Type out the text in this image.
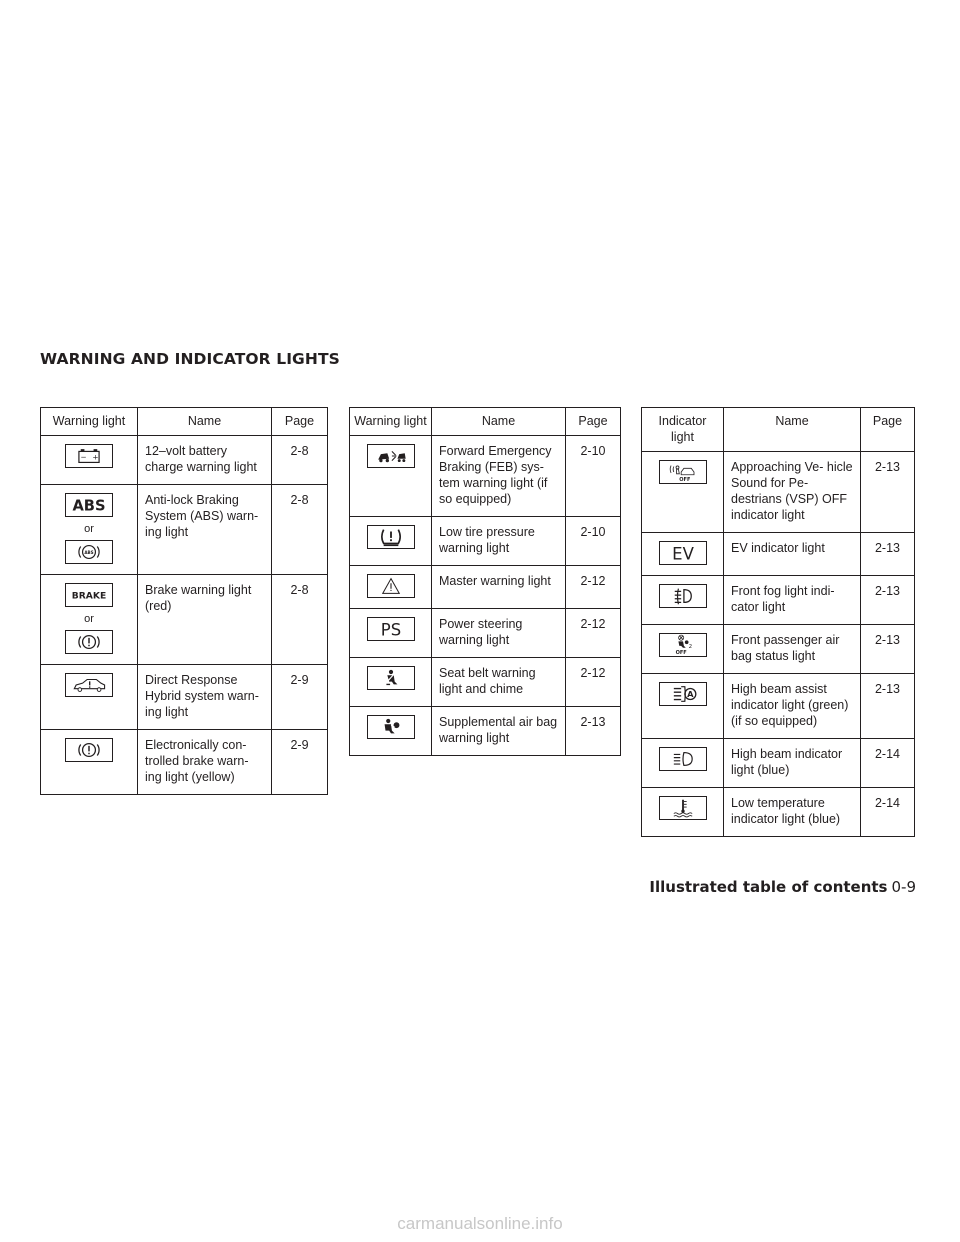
WARNING AND INDICATOR LIGHTS
Warning light	Name	Page

− +	12–volt battery charge warning light	2-8

ABS
or
ABS	Anti-lock Braking System (ABS) warn- ing light	2-8

BRAKE
or	Brake warning light (red)	2-8

	Direct Response Hybrid system warn- ing light	2-9

	Electronically con- trolled brake warn- ing light (yellow)	2-9
Warning light	Name	Page

	Forward Emergency Braking (FEB) sys- tem warning light (if so equipped)	2-10

	Low tire pressure warning light	2-10

	Master warning light	2-12

PS	Power steering warning light	2-12

	Seat belt warning light and chime	2-12

	Supplemental air bag warning light	2-13
Indicator light	Name	Page

OFF	Approaching Ve- hicle Sound for Pe- destrians (VSP) OFF indicator light	2-13

EV	EV indicator light	2-13

	Front fog light indi- cator light	2-13

2
OFF	Front passenger air bag status light	2-13

A	High beam assist indicator light (green) (if so equipped)	2-13

	High beam indicator light (blue)	2-14

	Low temperature indicator light (blue)	2-14
Illustrated table of contents 0-9
carmanualsonline.info
